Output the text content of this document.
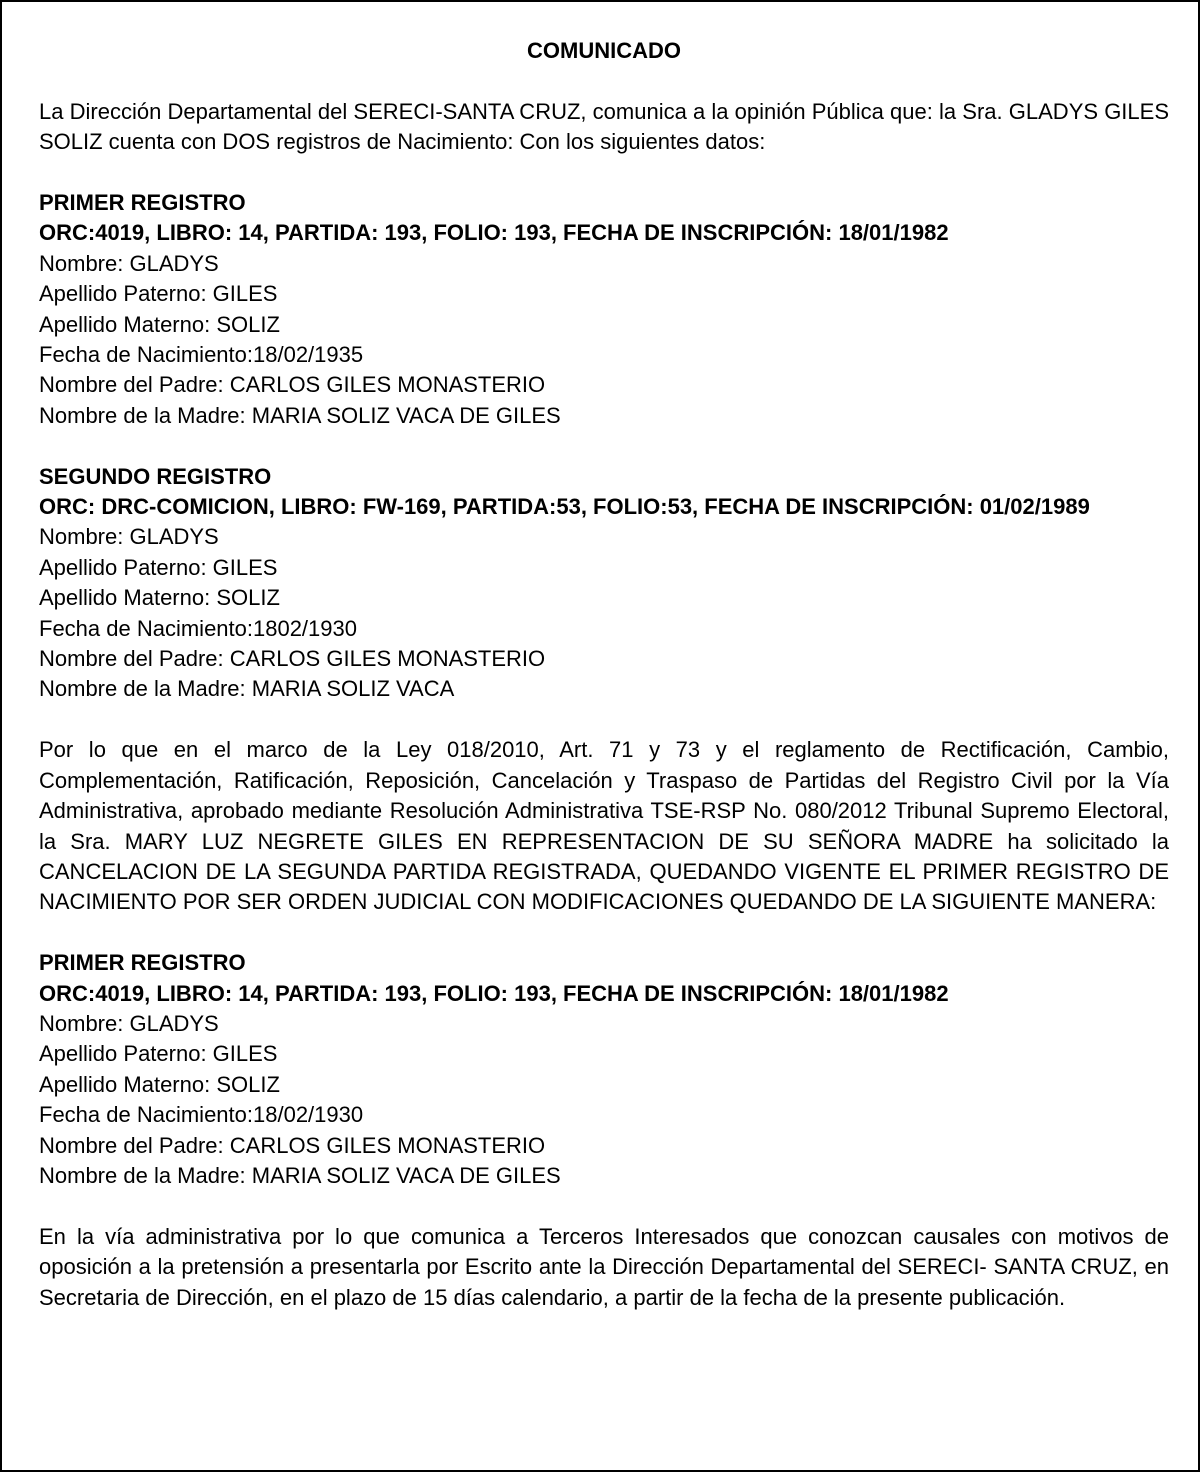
COMUNICADO

La Dirección Departamental del SERECI-SANTA CRUZ, comunica a la opinión Pública que: la Sra. GLADYS GILES SOLIZ cuenta con DOS registros de Nacimiento: Con los siguientes datos:

PRIMER REGISTRO

ORC:4019, LIBRO: 14, PARTIDA: 193, FOLIO: 193, FECHA DE INSCRIPCIÓN: 18/01/1982

Nombre: GLADYS

Apellido Paterno: GILES

Apellido Materno: SOLIZ

Fecha de Nacimiento:18/02/1935

Nombre del Padre: CARLOS GILES MONASTERIO

Nombre de la Madre: MARIA SOLIZ VACA DE GILES

SEGUNDO REGISTRO

ORC: DRC-COMICION, LIBRO: FW-169, PARTIDA:53, FOLIO:53, FECHA DE INSCRIPCIÓN: 01/02/1989

Nombre: GLADYS

Apellido Paterno: GILES

Apellido Materno: SOLIZ

Fecha de Nacimiento:1802/1930

Nombre del Padre: CARLOS GILES MONASTERIO

Nombre de la Madre: MARIA SOLIZ VACA

Por lo que en el marco de la Ley 018/2010, Art. 71 y 73 y el reglamento de Rectificación, Cambio, Complementación, Ratificación, Reposición, Cancelación y Traspaso de Partidas del Registro Civil por la Vía Administrativa, aprobado mediante Resolución Administrativa TSE-RSP No. 080/2012 Tribunal Supremo Electoral, la Sra. MARY LUZ NEGRETE GILES EN REPRESENTACION DE SU SEÑORA MADRE ha solicitado la CANCELACION DE LA SEGUNDA PARTIDA REGISTRADA, QUEDANDO VIGENTE EL PRIMER REGISTRO DE NACIMIENTO POR SER ORDEN JUDICIAL CON MODIFICACIONES QUEDANDO DE LA SIGUIENTE MANERA:

PRIMER REGISTRO

ORC:4019, LIBRO: 14, PARTIDA: 193, FOLIO: 193, FECHA DE INSCRIPCIÓN: 18/01/1982

Nombre: GLADYS

Apellido Paterno: GILES

Apellido Materno: SOLIZ

Fecha de Nacimiento:18/02/1930

Nombre del Padre: CARLOS GILES MONASTERIO

Nombre de la Madre: MARIA SOLIZ VACA DE GILES

En la vía administrativa por lo que comunica a Terceros Interesados que conozcan causales con motivos de oposición a la pretensión a presentarla por Escrito ante la Dirección Departamental del SERECI- SANTA CRUZ, en Secretaria de Dirección, en el plazo de 15 días calendario, a partir de la fecha de la presente publicación.
